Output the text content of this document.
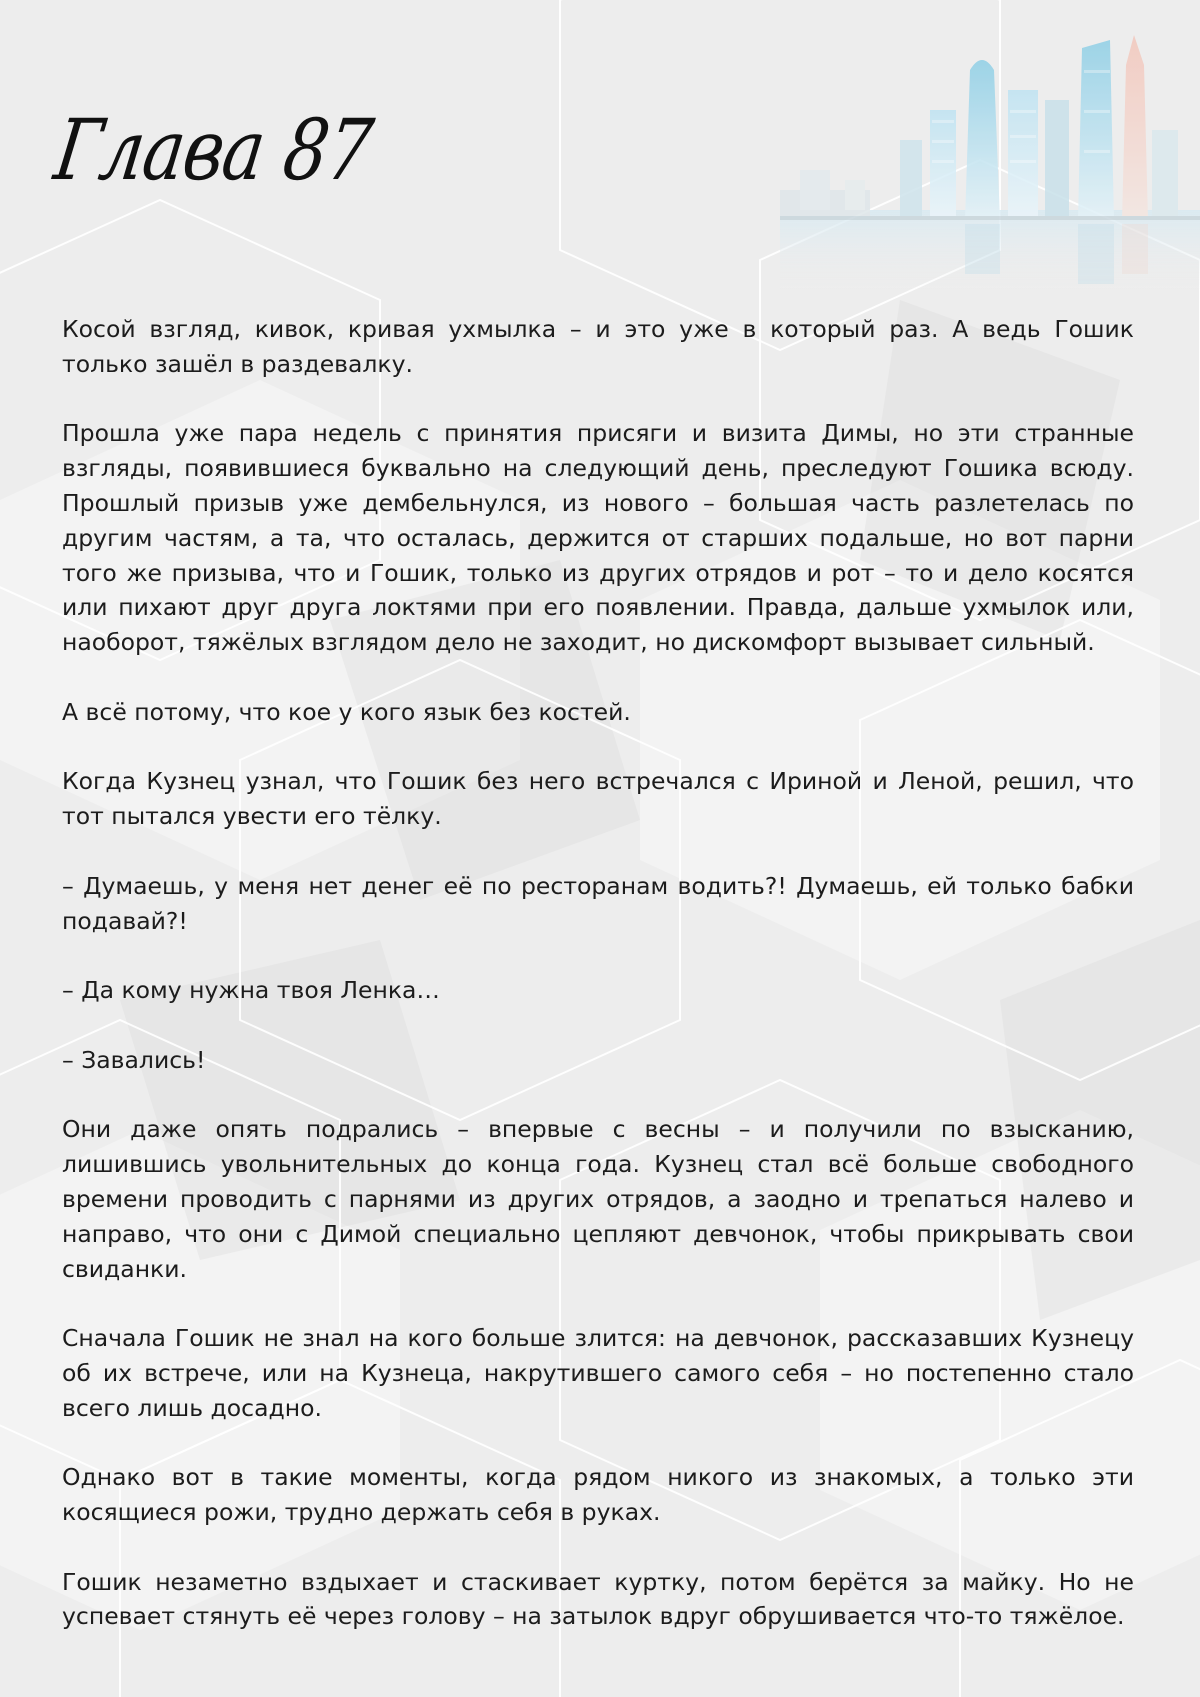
Глава 87

Косой взгляд, кивок, кривая ухмылка – и это уже в который раз. А ведь Гошик только зашёл в раздевалку.

Прошла уже пара недель с принятия присяги и визита Димы, но эти странные взгляды, появившиеся буквально на следующий день, преследуют Гошика всюду. Прошлый призыв уже дембельнулся, из нового – большая часть разлетелась по другим частям, а та, что осталась, держится от старших подальше, но вот парни того же призыва, что и Гошик, только из других отрядов и рот – то и дело косятся или пихают друг друга локтями при его появлении. Правда, дальше ухмылок или, наоборот, тяжёлых взглядом дело не заходит, но дискомфорт вызывает сильный.

А всё потому, что кое у кого язык без костей.

Когда Кузнец узнал, что Гошик без него встречался с Ириной и Леной, решил, что тот пытался увести его тёлку.

– Думаешь, у меня нет денег её по ресторанам водить?! Думаешь, ей только бабки подавай?!

– Да кому нужна твоя Ленка…

– Завались!

Они даже опять подрались – впервые с весны – и получили по взысканию, лишившись увольнительных до конца года. Кузнец стал всё больше свободного времени проводить с парнями из других отрядов, а заодно и трепаться налево и направо, что они с Димой специально цепляют девчонок, чтобы прикрывать свои свиданки.

Сначала Гошик не знал на кого больше злится: на девчонок, рассказавших Кузнецу об их встрече, или на Кузнеца, накрутившего самого себя – но постепенно стало всего лишь досадно.

Однако вот в такие моменты, когда рядом никого из знакомых, а только эти косящиеся рожи, трудно держать себя в руках.

Гошик незаметно вздыхает и стаскивает куртку, потом берётся за майку. Но не успевает стянуть её через голову – на затылок вдруг обрушивается что-то тяжёлое.
